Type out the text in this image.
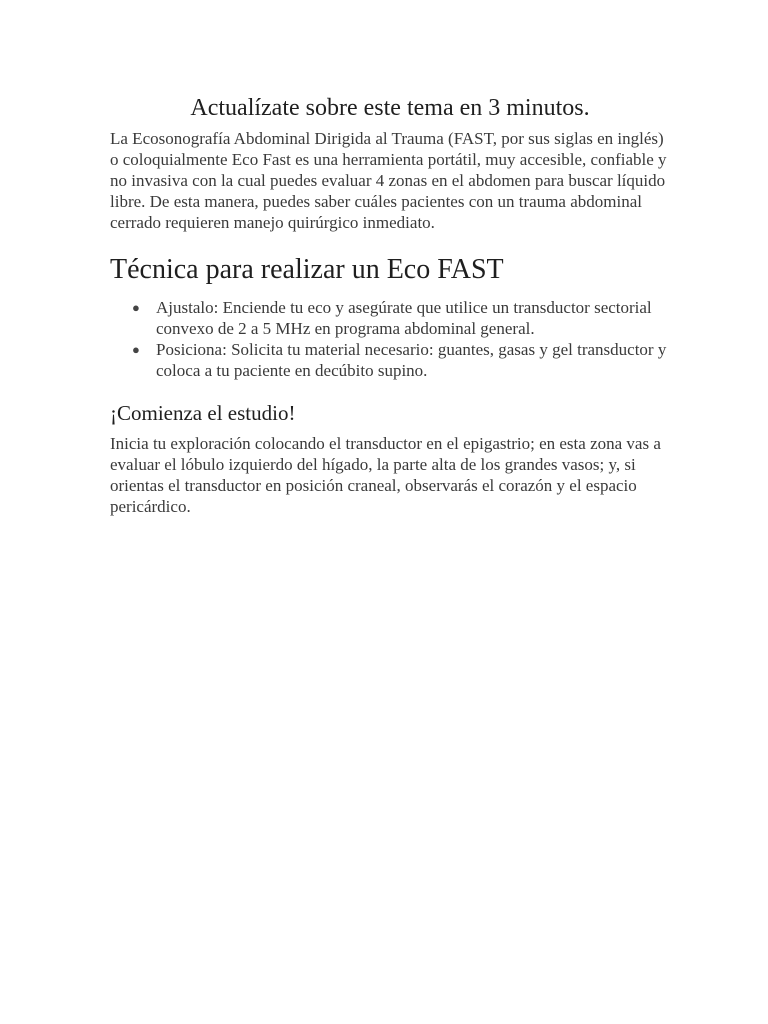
Actualízate sobre este tema en 3 minutos.

La Ecosonografía Abdominal Dirigida al Trauma (FAST, por sus siglas en inglés) o coloquialmente Eco Fast es una herramienta portátil, muy accesible, confiable y no invasiva con la cual puedes evaluar 4 zonas en el abdomen para buscar líquido libre. De esta manera, puedes saber cuáles pacientes con un trauma abdominal cerrado requieren manejo quirúrgico inmediato.

Técnica para realizar un Eco FAST
● Ajustalo: Enciende tu eco y asegúrate que utilice un transductor sectorial convexo de 2 a 5 MHz en programa abdominal general.
● Posiciona: Solicita tu material necesario: guantes, gasas y gel transductor y coloca a tu paciente en decúbito supino.
¡Comienza el estudio!

Inicia tu exploración colocando el transductor en el epigastrio; en esta zona vas a evaluar el lóbulo izquierdo del hígado, la parte alta de los grandes vasos; y, si orientas el transductor en posición craneal, observarás el corazón y el espacio pericárdico.
